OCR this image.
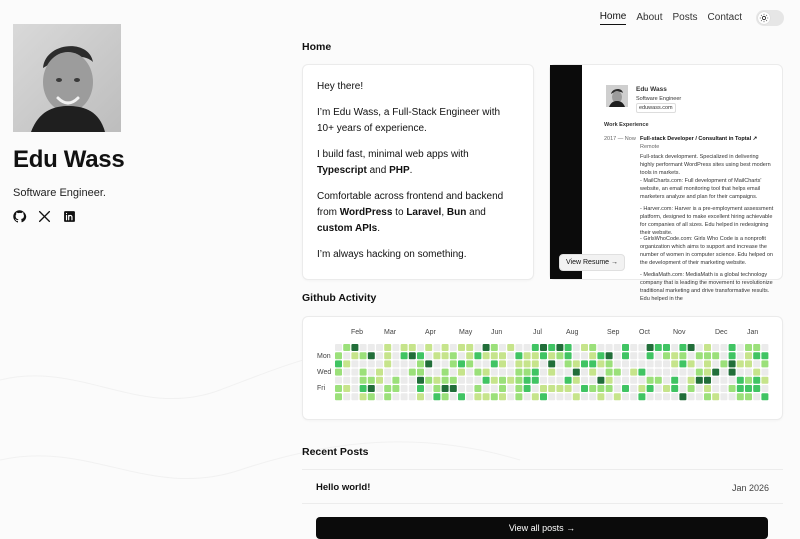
Home About Posts Contact
Edu Wass
Software Engineer.
Home

Hey there!

I’m Edu Wass, a Full-Stack Engineer with 10+ years of experience.

I build fast, minimal web apps with Typescript and PHP.

Comfortable across frontend and backend from WordPress to Laravel, Bun and custom APIs.

I’m always hacking on something.

Edu Wass
Software Engineer
eduwass.com
Work Experience
2017 — Now Full-stack Developer / Consultant in Toptal ↗
Remote
Full-stack development. Specialized in delivering highly performant WordPress sites using best modern tools in markets.
- MailCharts.com: Full development of MailCharts' website, an email monitoring tool that helps email marketers analyze and plan for their campaigns.
- Harver.com: Harver is a pre-employment assessment platform, designed to make excellent hiring achievable for companies of all sizes. Edu helped in redesigning their website.
- GirlsWhoCode.com: Girls Who Code is a nonprofit organization which aims to support and increase the number of women in computer science. Edu helped on the development of their marketing website.
- MediaMath.com: MediaMath is a global technology company that is leading the movement to revolutionize traditional marketing and drive transformative results. Edu helped in the
View Resume →
Github Activity
Feb	Mar	Apr	May	Jun	Jul	Aug	Sep	Oct	Nov	Dec	Jan
Mon
Wed
Fri
Recent Posts
Hello world!	Jan 2026
View all posts →
